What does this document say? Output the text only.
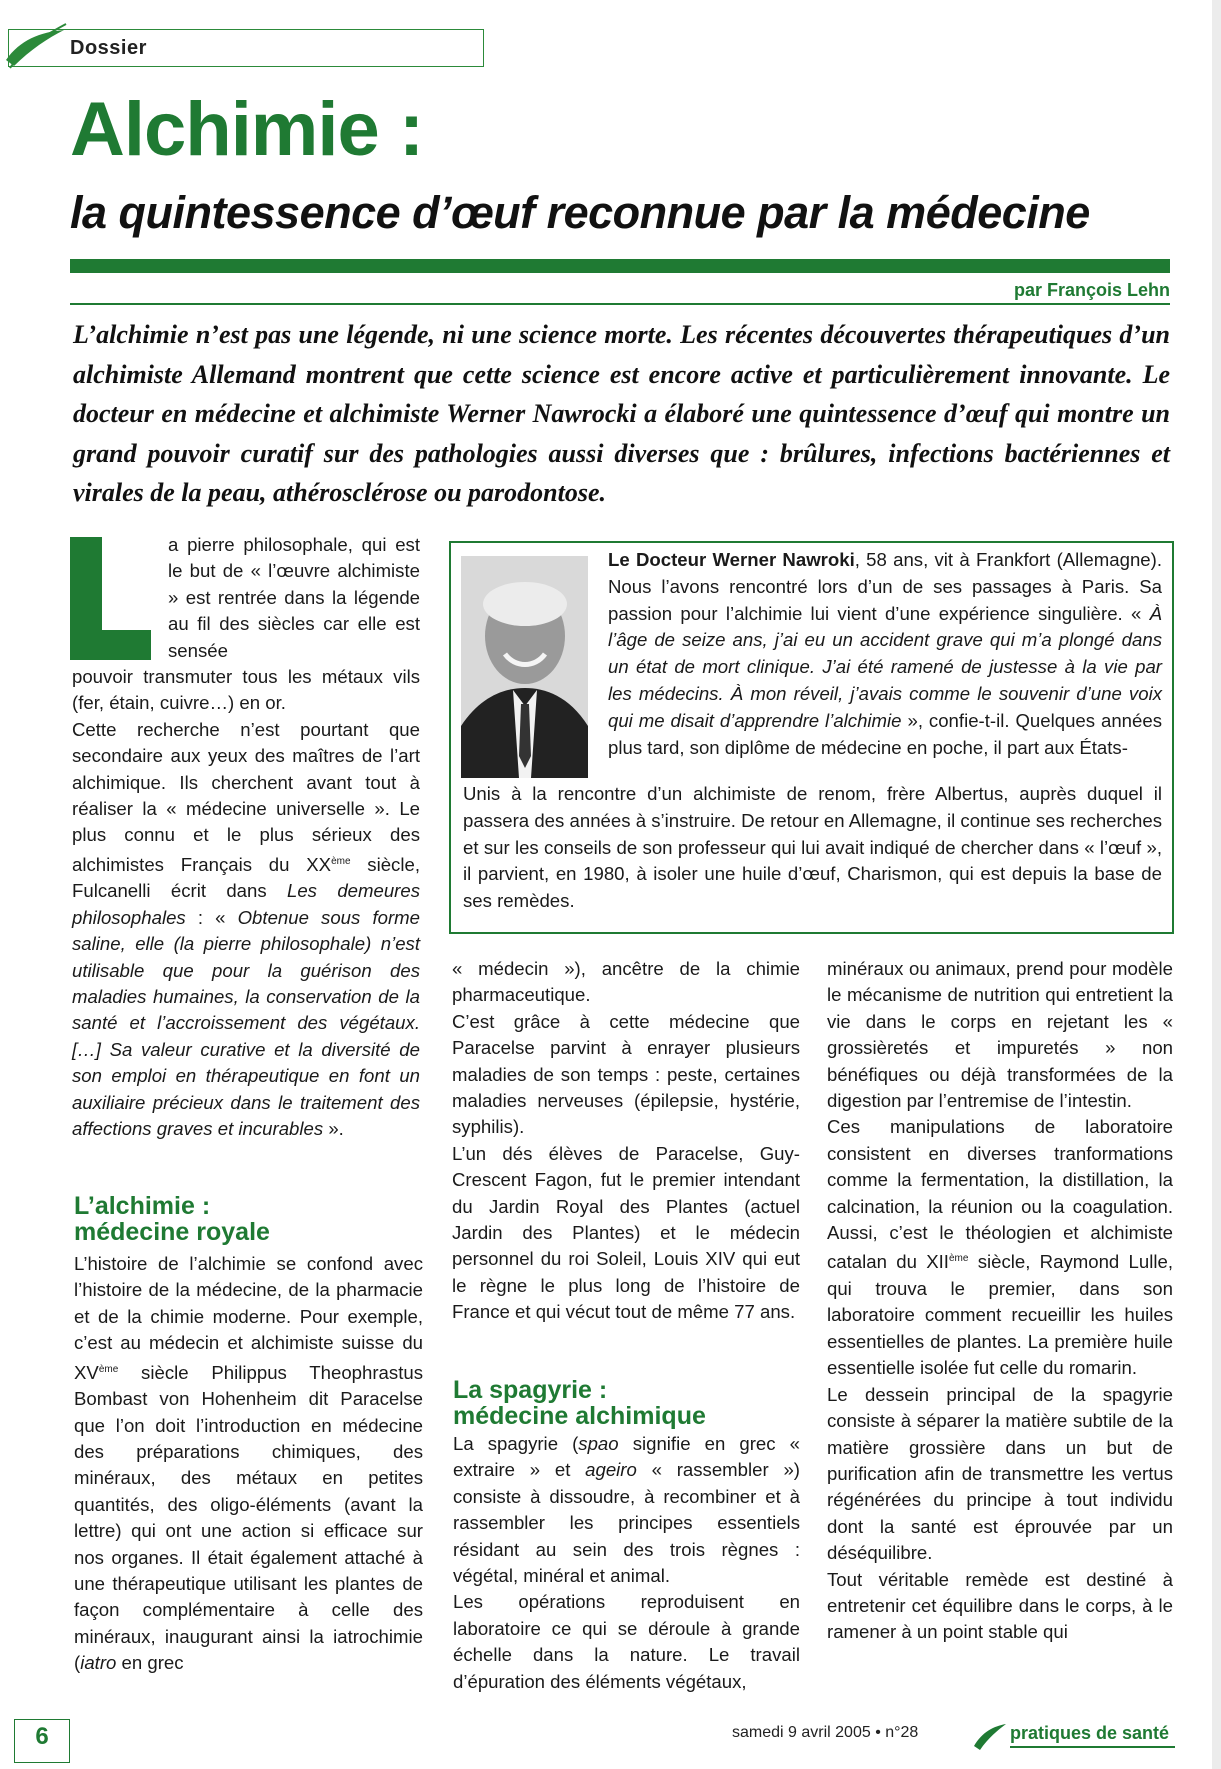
Dossier
Alchimie :
la quintessence d’œuf reconnue par la médecine
par François Lehn
L’alchimie n’est pas une légende, ni une science morte. Les récentes découvertes thérapeutiques d’un alchimiste Allemand montrent que cette science est encore active et particulièrement innovante. Le docteur en médecine et alchimiste Werner Nawrocki a élaboré une quintessence d’œuf qui montre un grand pouvoir curatif sur des pathologies aussi diverses que : brûlures, infections bactériennes et virales de la peau, athérosclérose ou parodontose.

a pierre philosophale, qui est le but de « l’œuvre alchimiste » est rentrée dans la légende au fil des siècles car elle est sensée

pouvoir transmuter tous les métaux vils (fer, étain, cuivre…) en or.

Cette recherche n’est pourtant que secondaire aux yeux des maîtres de l’art alchimique. Ils cherchent avant tout à réaliser la « médecine universelle ». Le plus connu et le plus sérieux des alchimistes Français du XXème siècle, Fulcanelli écrit dans Les demeures philosophales : « Obtenue sous forme saline, elle (la pierre philosophale) n’est utilisable que pour la guérison des maladies humaines, la conservation de la santé et l’accroissement des végétaux. […] Sa valeur curative et la diversité de son emploi en thérapeutique en font un auxiliaire précieux dans le traitement des affections graves et incurables ».

L’alchimie :
médecine royale

L’histoire de l’alchimie se confond avec l’histoire de la médecine, de la pharmacie et de la chimie moderne. Pour exemple, c’est au médecin et alchimiste suisse du XVème siècle Philippus Theophrastus Bombast von Hohenheim dit Paracelse que l’on doit l’introduction en médecine des préparations chimiques, des minéraux, des métaux en petites quantités, des oligo-éléments (avant la lettre) qui ont une action si efficace sur nos organes. Il était également attaché à une thérapeutique utilisant les plantes de façon complémentaire à celle des minéraux, inaugurant ainsi la iatrochimie (iatro en grec

Le Docteur Werner Nawroki, 58 ans, vit à Frankfort (Allemagne). Nous l’avons rencontré lors d’un de ses passages à Paris. Sa passion pour l’alchimie lui vient d’une expérience singulière. « À l’âge de seize ans, j’ai eu un accident grave qui m’a plongé dans un état de mort clinique. J’ai été ramené de justesse à la vie par les médecins. À mon réveil, j’avais comme le souvenir d’une voix qui me disait d’apprendre l’alchimie », confie-t-il. Quelques années plus tard, son diplôme de médecine en poche, il part aux États-
Unis à la rencontre d’un alchimiste de renom, frère Albertus, auprès duquel il passera des années à s’instruire. De retour en Allemagne, il continue ses recherches et sur les conseils de son professeur qui lui avait indiqué de chercher dans « l’œuf », il parvient, en 1980, à isoler une huile d’œuf, Charismon, qui est depuis la base de ses remèdes.

« médecin »), ancêtre de la chimie pharmaceutique.

C’est grâce à cette médecine que Paracelse parvint à enrayer plusieurs maladies de son temps : peste, certaines maladies nerveuses (épilepsie, hystérie, syphilis).

L’un dés élèves de Paracelse, Guy-Crescent Fagon, fut le premier intendant du Jardin Royal des Plantes (actuel Jardin des Plantes) et le médecin personnel du roi Soleil, Louis XIV qui eut le règne le plus long de l’histoire de France et qui vécut tout de même 77 ans.

La spagyrie :
médecine alchimique

La spagyrie (spao signifie en grec « extraire » et ageiro « rassembler ») consiste à dissoudre, à recombiner et à rassembler les principes essentiels résidant au sein des trois règnes : végétal, minéral et animal.

Les opérations reproduisent en laboratoire ce qui se déroule à grande échelle dans la nature. Le travail d’épuration des éléments végétaux,

minéraux ou animaux, prend pour modèle le mécanisme de nutrition qui entretient la vie dans le corps en rejetant les « grossièretés et impuretés » non bénéfiques ou déjà transformées de la digestion par l’entremise de l’intestin.

Ces manipulations de laboratoire consistent en diverses tranformations comme la fermentation, la distillation, la calcination, la réunion ou la coagulation. Aussi, c’est le théologien et alchimiste catalan du XIIème siècle, Raymond Lulle, qui trouva le premier, dans son laboratoire comment recueillir les huiles essentielles de plantes. La première huile essentielle isolée fut celle du romarin.

Le dessein principal de la spagyrie consiste à séparer la matière subtile de la matière grossière dans un but de purification afin de transmettre les vertus régénérées du principe à tout individu dont la santé est éprouvée par un déséquilibre.

Tout véritable remède est destiné à entretenir cet équilibre dans le corps, à le ramener à un point stable qui

6	samedi 9 avril 2005 • n°28	pratiques de santé
